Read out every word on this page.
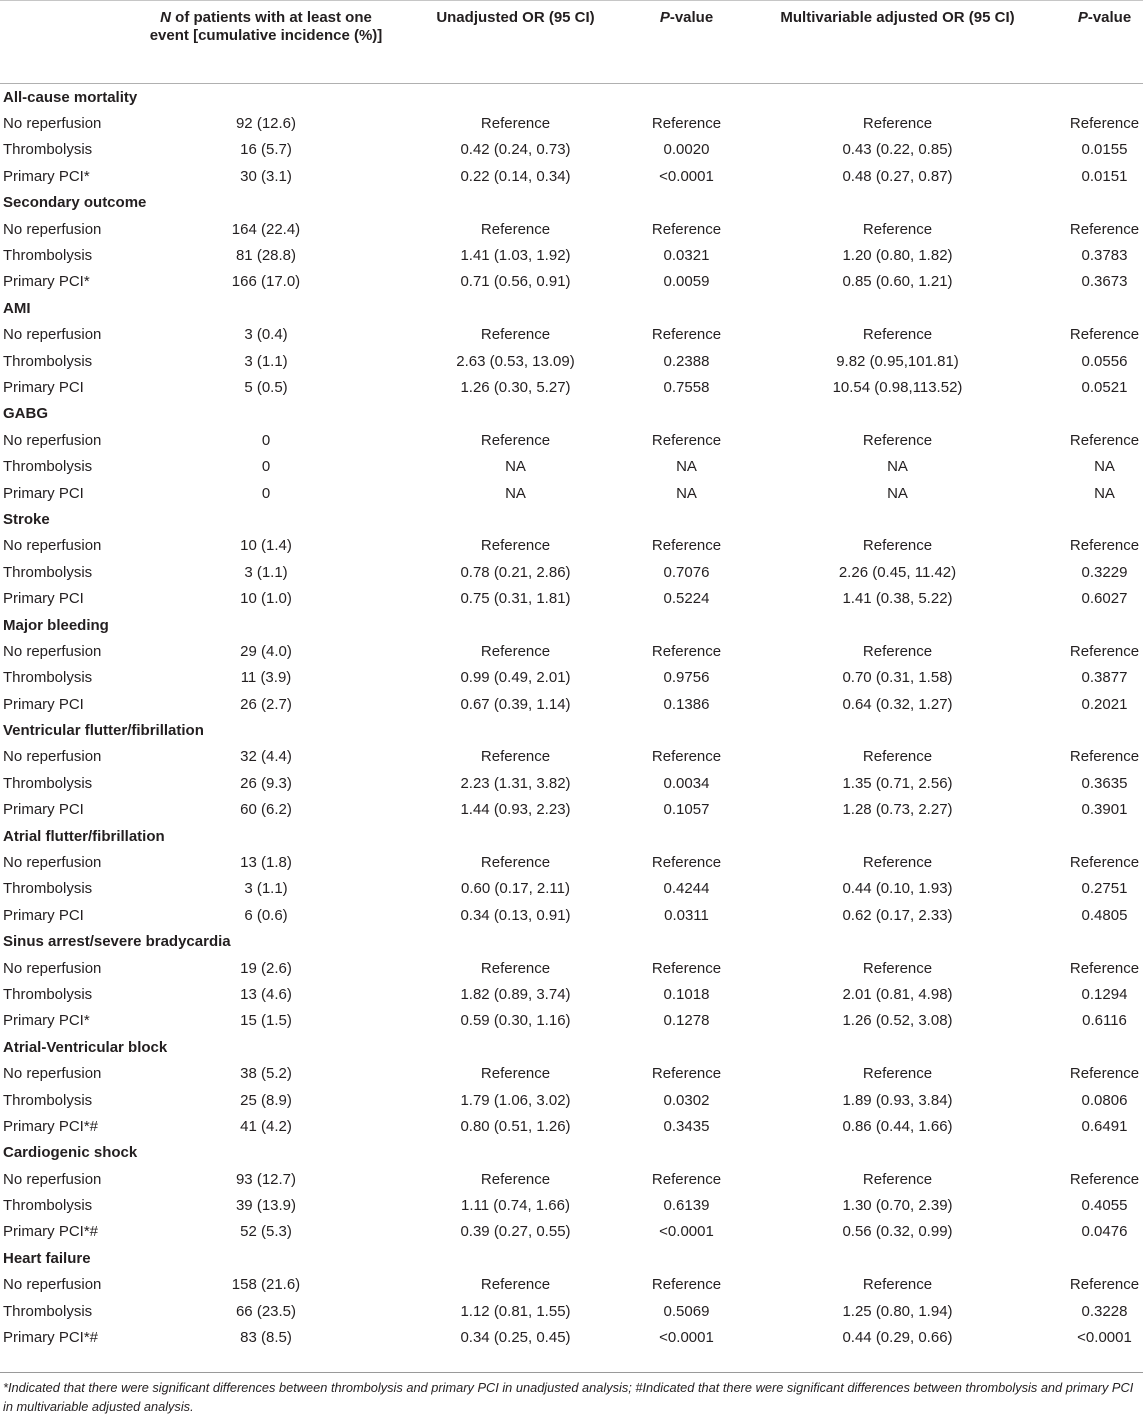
	N of patients with at least one event [cumulative incidence (%)]	Unadjusted OR (95 CI)	P-value	Multivariable adjusted OR (95 CI)	P-value
All-cause mortality					
No reperfusion	92 (12.6)	Reference	Reference	Reference	Reference
Thrombolysis	16 (5.7)	0.42 (0.24, 0.73)	0.0020	0.43 (0.22, 0.85)	0.0155
Primary PCI*	30 (3.1)	0.22 (0.14, 0.34)	<0.0001	0.48 (0.27, 0.87)	0.0151
Secondary outcome					
No reperfusion	164 (22.4)	Reference	Reference	Reference	Reference
Thrombolysis	81 (28.8)	1.41 (1.03, 1.92)	0.0321	1.20 (0.80, 1.82)	0.3783
Primary PCI*	166 (17.0)	0.71 (0.56, 0.91)	0.0059	0.85 (0.60, 1.21)	0.3673
AMI					
No reperfusion	3 (0.4)	Reference	Reference	Reference	Reference
Thrombolysis	3 (1.1)	2.63 (0.53, 13.09)	0.2388	9.82 (0.95,101.81)	0.0556
Primary PCI	5 (0.5)	1.26 (0.30, 5.27)	0.7558	10.54 (0.98,113.52)	0.0521
GABG					
No reperfusion	0	Reference	Reference	Reference	Reference
Thrombolysis	0	NA	NA	NA	NA
Primary PCI	0	NA	NA	NA	NA
Stroke					
No reperfusion	10 (1.4)	Reference	Reference	Reference	Reference
Thrombolysis	3 (1.1)	0.78 (0.21, 2.86)	0.7076	2.26 (0.45, 11.42)	0.3229
Primary PCI	10 (1.0)	0.75 (0.31, 1.81)	0.5224	1.41 (0.38, 5.22)	0.6027
Major bleeding					
No reperfusion	29 (4.0)	Reference	Reference	Reference	Reference
Thrombolysis	11 (3.9)	0.99 (0.49, 2.01)	0.9756	0.70 (0.31, 1.58)	0.3877
Primary PCI	26 (2.7)	0.67 (0.39, 1.14)	0.1386	0.64 (0.32, 1.27)	0.2021
Ventricular flutter/fibrillation					
No reperfusion	32 (4.4)	Reference	Reference	Reference	Reference
Thrombolysis	26 (9.3)	2.23 (1.31, 3.82)	0.0034	1.35 (0.71, 2.56)	0.3635
Primary PCI	60 (6.2)	1.44 (0.93, 2.23)	0.1057	1.28 (0.73, 2.27)	0.3901
Atrial flutter/fibrillation					
No reperfusion	13 (1.8)	Reference	Reference	Reference	Reference
Thrombolysis	3 (1.1)	0.60 (0.17, 2.11)	0.4244	0.44 (0.10, 1.93)	0.2751
Primary PCI	6 (0.6)	0.34 (0.13, 0.91)	0.0311	0.62 (0.17, 2.33)	0.4805
Sinus arrest/severe bradycardia					
No reperfusion	19 (2.6)	Reference	Reference	Reference	Reference
Thrombolysis	13 (4.6)	1.82 (0.89, 3.74)	0.1018	2.01 (0.81, 4.98)	0.1294
Primary PCI*	15 (1.5)	0.59 (0.30, 1.16)	0.1278	1.26 (0.52, 3.08)	0.6116
Atrial-Ventricular block					
No reperfusion	38 (5.2)	Reference	Reference	Reference	Reference
Thrombolysis	25 (8.9)	1.79 (1.06, 3.02)	0.0302	1.89 (0.93, 3.84)	0.0806
Primary PCI*#	41 (4.2)	0.80 (0.51, 1.26)	0.3435	0.86 (0.44, 1.66)	0.6491
Cardiogenic shock					
No reperfusion	93 (12.7)	Reference	Reference	Reference	Reference
Thrombolysis	39 (13.9)	1.11 (0.74, 1.66)	0.6139	1.30 (0.70, 2.39)	0.4055
Primary PCI*#	52 (5.3)	0.39 (0.27, 0.55)	<0.0001	0.56 (0.32, 0.99)	0.0476
Heart failure					
No reperfusion	158 (21.6)	Reference	Reference	Reference	Reference
Thrombolysis	66 (23.5)	1.12 (0.81, 1.55)	0.5069	1.25 (0.80, 1.94)	0.3228
Primary PCI*#	83 (8.5)	0.34 (0.25, 0.45)	<0.0001	0.44 (0.29, 0.66)	<0.0001
*Indicated that there were significant differences between thrombolysis and primary PCI in unadjusted analysis; #Indicated that there were significant differences between thrombolysis and primary PCI in multivariable adjusted analysis.
